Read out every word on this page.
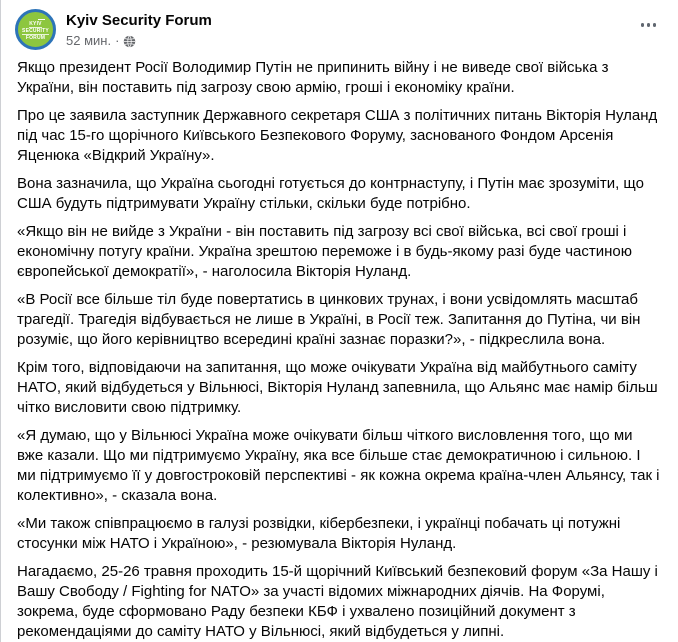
KYIV
SECURITY
FORUM
Kyiv Security Forum
52 мин. ·

Якщо президент Росії Володимир Путін не припинить війну і не виведе свої війська з України, він поставить під загрозу свою армію, гроші і економіку країни.

Про це заявила заступник Державного секретаря США з політичних питань Вікторія Нуланд під час 15-го щорічного Київського Безпекового Форуму, заснованого Фондом Арсенія Яценюка «Відкрий Україну».

Вона зазначила, що Україна сьогодні готується до контрнаступу, і Путін має зрозуміти, що США будуть підтримувати Україну стільки, скільки буде потрібно.

«Якщо він не вийде з України - він поставить під загрозу всі свої війська, всі свої гроші і економічну потугу країни. Україна зрештою переможе і в будь-якому разі буде частиною європейської демократії», - наголосила Вікторія Нуланд.

«В Росії все більше тіл буде повертатись в цинкових трунах, і вони усвідомлять масштаб трагедії. Трагедія відбувається не лише в Україні, в Росії теж. Запитання до Путіна, чи він розуміє, що його керівництво всередині країні зазнає поразки?», - підкреслила вона.

Крім того, відповідаючи на запитання, що може очікувати Україна від майбутнього саміту НАТО, який відбудеться у Вільнюсі, Вікторія Нуланд запевнила, що Альянс має намір більш чітко висловити свою підтримку.

«Я думаю, що у Вільнюсі Україна може очікувати більш чіткого висловлення того, що ми вже казали. Що ми підтримуємо Україну, яка все більше стає демократичною і сильною. І ми підтримуємо її у довгостроковій перспективі - як кожна окрема країна-член Альянсу, так і колективно», - сказала вона.

«Ми також співпрацюємо в галузі розвідки, кібербезпеки, і українці побачать ці потужні стосунки між НАТО і Україною», - резюмувала Вікторія Нуланд.

Нагадаємо, 25-26 травня проходить 15-й щорічний Київський безпековий форум «За Нашу і Вашу Свободу / Fighting for NATO» за участі відомих міжнародних діячів. На Форумі, зокрема, буде сформовано Раду безпеки КБФ і ухвалено позиційний документ з рекомендаціями до саміту НАТО у Вільнюсі, який відбудеться у липні.
